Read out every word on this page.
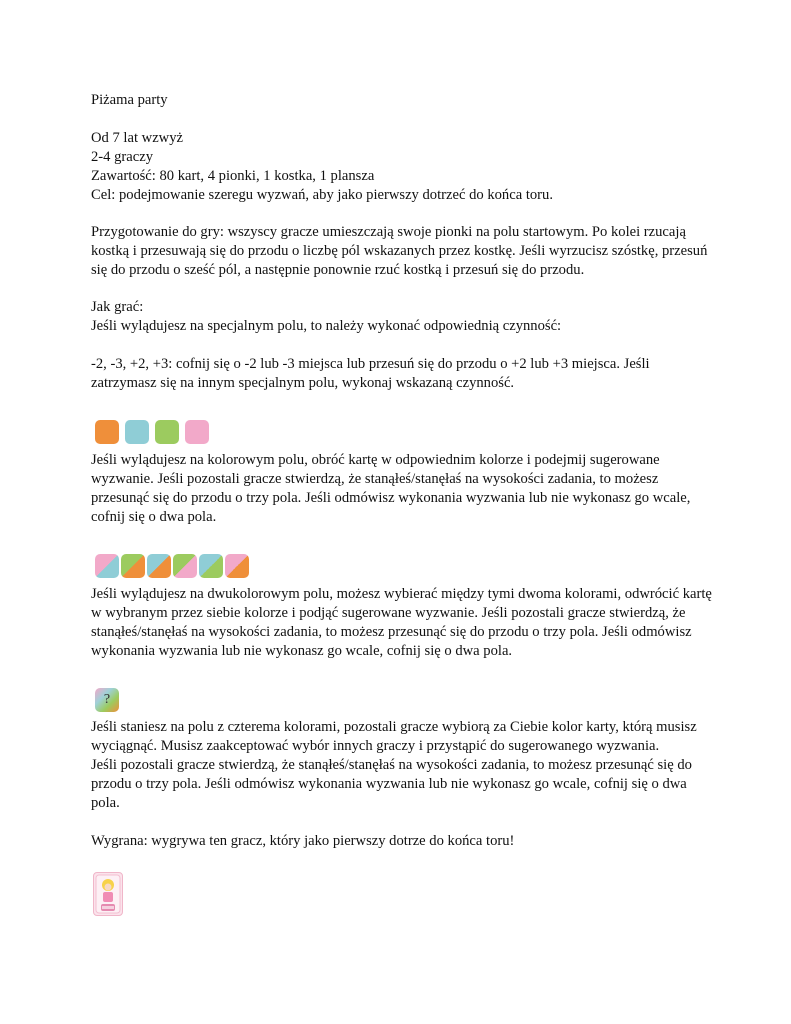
Piżama party

Od 7 lat wzwyż
2-4 graczy
Zawartość: 80 kart, 4 pionki, 1 kostka, 1 plansza
Cel: podejmowanie szeregu wyzwań, aby jako pierwszy dotrzeć do końca toru.

Przygotowanie do gry: wszyscy gracze umieszczają swoje pionki na polu startowym. Po kolei rzucają
kostką i przesuwają się do przodu o liczbę pól wskazanych przez kostkę. Jeśli wyrzucisz szóstkę, przesuń
się do przodu o sześć pól, a następnie ponownie rzuć kostką i przesuń się do przodu.

Jak grać:
Jeśli wylądujesz na specjalnym polu, to należy wykonać odpowiednią czynność:

-2, -3, +2, +3: cofnij się o -2 lub -3 miejsca lub przesuń się do przodu o +2 lub +3 miejsca. Jeśli
zatrzymasz się na innym specjalnym polu, wykonaj wskazaną czynność.

Jeśli wylądujesz na kolorowym polu, obróć kartę w odpowiednim kolorze i podejmij sugerowane
wyzwanie. Jeśli pozostali gracze stwierdzą, że stanąłeś/stanęłaś na wysokości zadania, to możesz
przesunąć się do przodu o trzy pola. Jeśli odmówisz wykonania wyzwania lub nie wykonasz go wcale,
cofnij się o dwa pola.

Jeśli wylądujesz na dwukolorowym polu, możesz wybierać między tymi dwoma kolorami, odwrócić kartę
w wybranym przez siebie kolorze i podjąć sugerowane wyzwanie. Jeśli pozostali gracze stwierdzą, że
stanąłeś/stanęłaś na wysokości zadania, to możesz przesunąć się do przodu o trzy pola. Jeśli odmówisz
wykonania wyzwania lub nie wykonasz go wcale, cofnij się o dwa pola.

?

Jeśli staniesz na polu z czterema kolorami, pozostali gracze wybiorą za Ciebie kolor karty, którą musisz
wyciągnąć. Musisz zaakceptować wybór innych graczy i przystąpić do sugerowanego wyzwania.
Jeśli pozostali gracze stwierdzą, że stanąłeś/stanęłaś na wysokości zadania, to możesz przesunąć się do
przodu o trzy pola. Jeśli odmówisz wykonania wyzwania lub nie wykonasz go wcale, cofnij się o dwa
pola.

Wygrana: wygrywa ten gracz, który jako pierwszy dotrze do końca toru!
